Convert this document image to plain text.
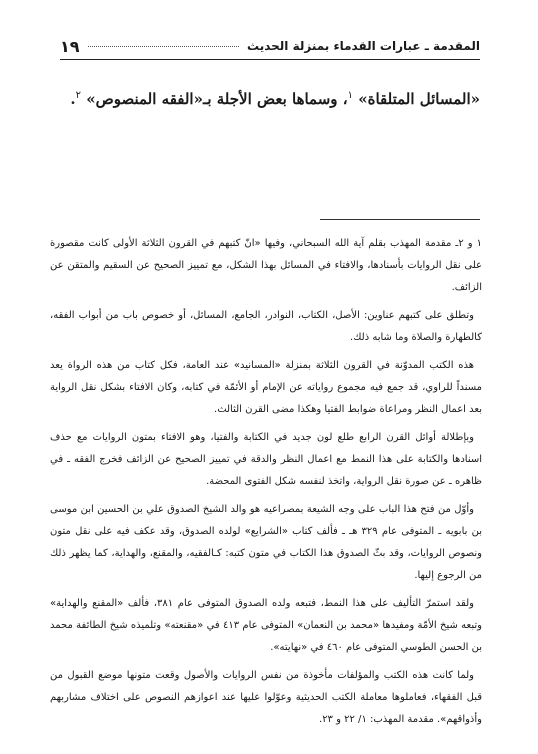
المقدمة ـ عبارات القدماء بمنزلة الحديث
١٩
«المسائل المتلقاة» $^١$، وسماها بعض الأجلة بـ«الفقه المنصوص» $^٢$.

١ و ٢ـ مقدمة المهذب بقلم آية الله السبحاني، وفيها «انّ كتبهم في القرون الثلاثة الأولى كانت مقصورة على نقل الروايات بأسنادها، والافتاء في المسائل بهذا الشكل، مع تمييز الصحيح عن السقيم والمتقن عن الزائف.

وتطلق على كتبهم عناوين: الأصل، الكتاب، النوادر، الجامع، المسائل، أو خصوص باب من أبواب الفقه، كالطهارة والصلاة وما شابه ذلك.

هذه الكتب المدوّنة في القرون الثلاثة بمنزلة «المسانيد» عند العامة، فكل كتاب من هذه الرواة يعد مسنداً للراوي، قد جمع فيه مجموع رواياته عن الإمام أو الأئمّة في كتابه، وكان الافتاء بشكل نقل الرواية بعد اعمال النظر ومراعاة ضوابط الفتيا وهكذا مضى القرن الثالث.

وبإطلالة أوائل القرن الرابع طلع لون جديد في الكتابة والفتيا، وهو الافتاء بمتون الروايات مع حذف اسنادها والكتابة على هذا النمط مع اعمال النظر والدقة في تمييز الصحيح عن الزائف فخرج الفقه ـ في ظاهره ـ عن صورة نقل الرواية، واتخذ لنفسه شكل الفتوى المحضة.

وأوّل من فتح هذا الباب على وجه الشيعة بمصراعيه هو والد الشيخ الصدوق علي بن الحسين ابن موسى بن بابويه ـ المتوفى عام ٣٢٩ هـ ـ فألف كتاب «الشرايع» لولده الصدوق، وقد عكف فيه على نقل متون ونصوص الروايات، وقد بثّ الصدوق هذا الكتاب في متون كتبه: كـالفقيه، والمقنع، والهداية، كما يظهر ذلك من الرجوع إليها.

ولقد استمرّ التأليف على هذا النمط، فتبعه ولده الصدوق المتوفى عام ٣٨١، فألف «المقنع والهداية» وتبعه شيخ الأمّة ومفيدها «محمد بن النعمان» المتوفى عام ٤١٣ في «مقنعته» وتلميذه شيخ الطائفة محمد بن الحسن الطوسي المتوفى عام ٤٦٠ في «نهايته».

ولما كانت هذه الكتب والمؤلفات مأخوذة من نفس الروايات والأصول وقعت متونها موضع القبول من قبل الفقهاء، فعاملوها معاملة الكتب الحديثية وعوّلوا عليها عند اعوازهم النصوص على اختلاف مشاربهم وأذواقهم». مقدمة المهذب: ١/ ٢٢ و ٢٣.
